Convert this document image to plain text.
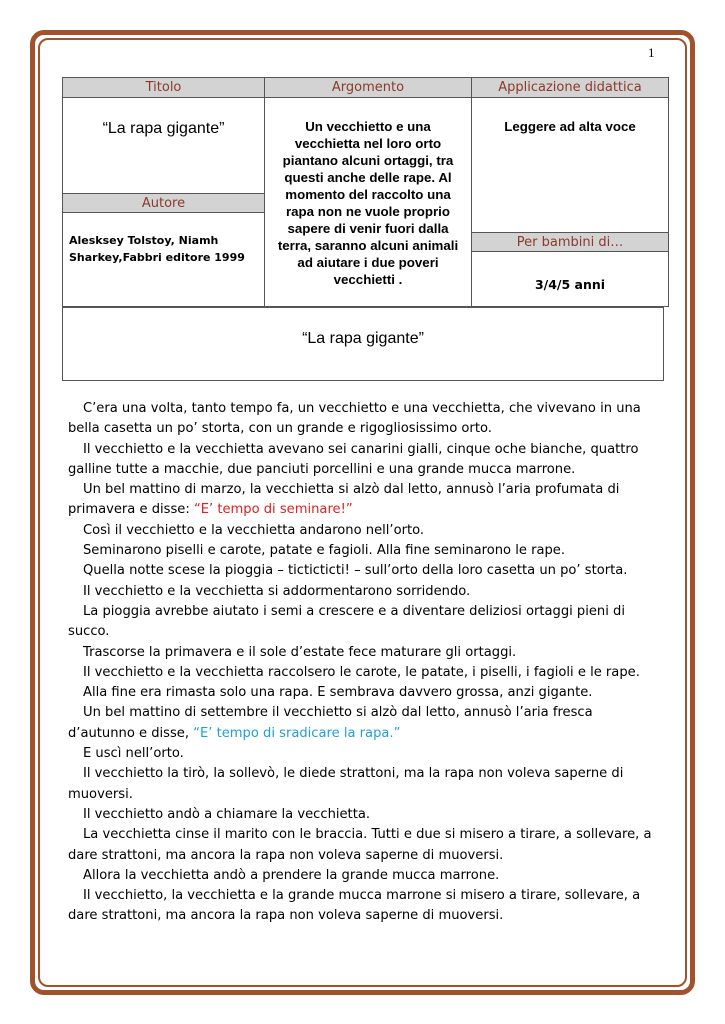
1
Titolo
“La rapa gigante”
Autore
Alesksey Tolstoy, Niamh Sharkey,Fabbri editore 1999
Argomento
Un vecchietto e una vecchietta nel loro orto piantano alcuni ortaggi, tra questi anche delle rape. Al momento del raccolto una rapa non ne vuole proprio sapere di venir fuori dalla terra, saranno alcuni animali ad aiutare i due poveri vecchietti .
Applicazione didattica
Leggere ad alta voce
Per bambini di…
3/4/5 anni
“La rapa gigante”

C’era una volta, tanto tempo fa, un vecchietto e una vecchietta, che vivevano in una bella casetta un po’ storta, con un grande e rigogliosissimo orto.

Il vecchietto e la vecchietta avevano sei canarini gialli, cinque oche bianche, quattro galline tutte a macchie, due panciuti porcellini e una grande mucca marrone.

Un bel mattino di marzo, la vecchietta si alzò dal letto, annusò l’aria profumata di primavera e disse: “E’ tempo di seminare!”

Così il vecchietto e la vecchietta andarono nell’orto.

Seminarono piselli e carote, patate e fagioli. Alla fine seminarono le rape.

Quella notte scese la pioggia – ticticticti! – sull’orto della loro casetta un po’ storta.

Il vecchietto e la vecchietta si addormentarono sorridendo.

La pioggia avrebbe aiutato i semi a crescere e a diventare deliziosi ortaggi pieni di succo.

Trascorse la primavera e il sole d’estate fece maturare gli ortaggi.

Il vecchietto e la vecchietta raccolsero le carote, le patate, i piselli, i fagioli e le rape.

Alla fine era rimasta solo una rapa. E sembrava davvero grossa, anzi gigante.

Un bel mattino di settembre il vecchietto si alzò dal letto, annusò l’aria fresca d’autunno e disse, “E’ tempo di sradicare la rapa.”

E uscì nell’orto.

Il vecchietto la tirò, la sollevò, le diede strattoni, ma la rapa non voleva saperne di muoversi.

Il vecchietto andò a chiamare la vecchietta.

La vecchietta cinse il marito con le braccia. Tutti e due si misero a tirare, a sollevare, a dare strattoni, ma ancora la rapa non voleva saperne di muoversi.

Allora la vecchietta andò a prendere la grande mucca marrone.

Il vecchietto, la vecchietta e la grande mucca marrone si misero a tirare, sollevare, a dare strattoni, ma ancora la rapa non voleva saperne di muoversi.
